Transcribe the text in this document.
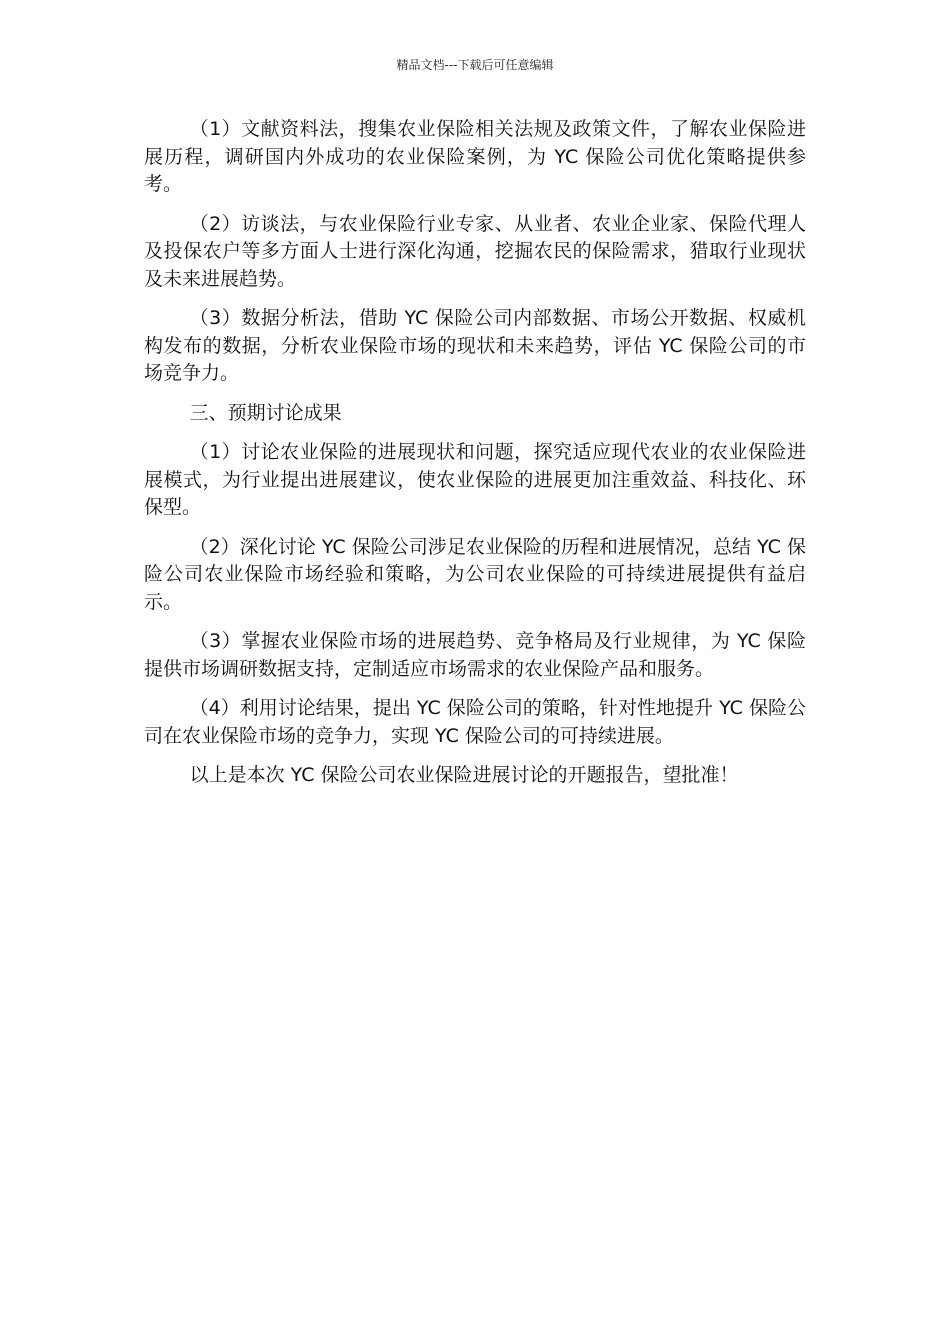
精品文档---下载后可任意编辑

（1）文献资料法，搜集农业保险相关法规及政策文件，了解农业保险进展历程，调研国内外成功的农业保险案例，为 YC 保险公司优化策略提供参考。

（2）访谈法，与农业保险行业专家、从业者、农业企业家、保险代理人及投保农户等多方面人士进行深化沟通，挖掘农民的保险需求，猎取行业现状及未来进展趋势。

（3）数据分析法，借助 YC 保险公司内部数据、市场公开数据、权威机构发布的数据，分析农业保险市场的现状和未来趋势，评估 YC 保险公司的市场竞争力。

三、预期讨论成果

（1）讨论农业保险的进展现状和问题，探究适应现代农业的农业保险进展模式，为行业提出进展建议，使农业保险的进展更加注重效益、科技化、环保型。

（2）深化讨论 YC 保险公司涉足农业保险的历程和进展情况，总结 YC 保险公司农业保险市场经验和策略，为公司农业保险的可持续进展提供有益启示。

（3）掌握农业保险市场的进展趋势、竞争格局及行业规律，为 YC 保险提供市场调研数据支持，定制适应市场需求的农业保险产品和服务。

（4）利用讨论结果，提出 YC 保险公司的策略，针对性地提升 YC 保险公司在农业保险市场的竞争力，实现 YC 保险公司的可持续进展。

以上是本次 YC 保险公司农业保险进展讨论的开题报告，望批准！
